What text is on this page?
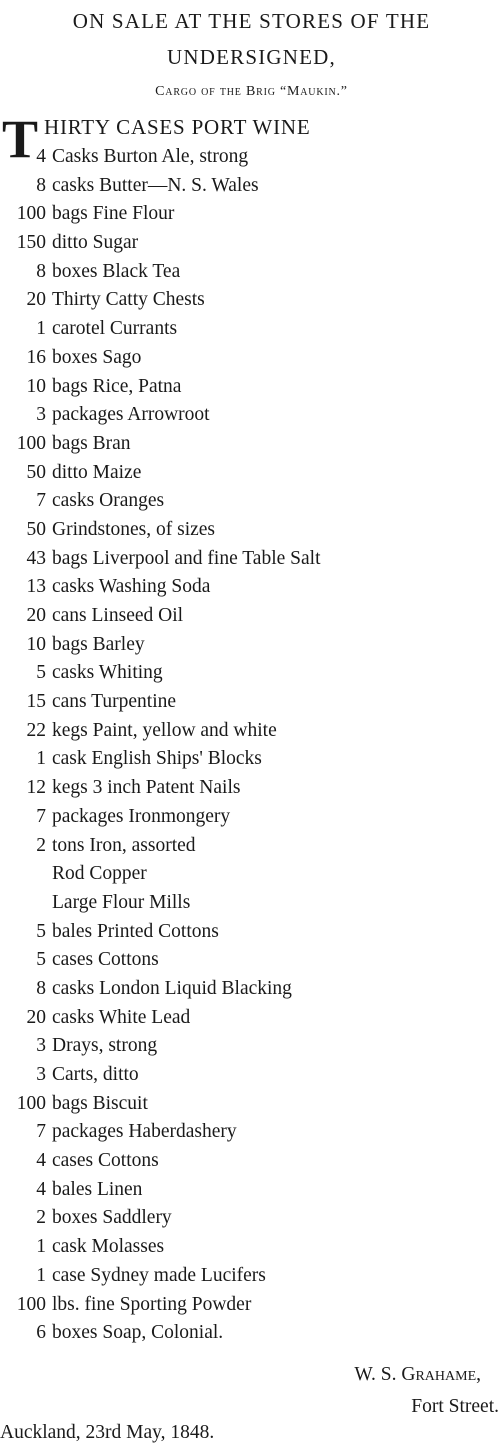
ON SALE AT THE STORES OF THE
UNDERSIGNED,
Cargo of the Brig “Maukin.”
T HIRTY CASES PORT WINE
4 Casks Burton Ale, strong
8 casks Butter—N. S. Wales
100 bags Fine Flour
150 ditto Sugar
8 boxes Black Tea
20 Thirty Catty Chests
1 carotel Currants
16 boxes Sago
10 bags Rice, Patna
3 packages Arrowroot
100 bags Bran
50 ditto Maize
7 casks Oranges
50 Grindstones, of sizes
43 bags Liverpool and fine Table Salt
13 casks Washing Soda
20 cans Linseed Oil
10 bags Barley
5 casks Whiting
15 cans Turpentine
22 kegs Paint, yellow and white
1 cask English Ships' Blocks
12 kegs 3 inch Patent Nails
7 packages Ironmongery
2 tons Iron, assorted
Rod Copper
Large Flour Mills
5 bales Printed Cottons
5 cases Cottons
8 casks London Liquid Blacking
20 casks White Lead
3 Drays, strong
3 Carts, ditto
100 bags Biscuit
7 packages Haberdashery
4 cases Cottons
4 bales Linen
2 boxes Saddlery
1 cask Molasses
1 case Sydney made Lucifers
100 lbs. fine Sporting Powder
6 boxes Soap, Colonial.
W. S. Grahame,
Fort Street.
Auckland, 23rd May, 1848.
